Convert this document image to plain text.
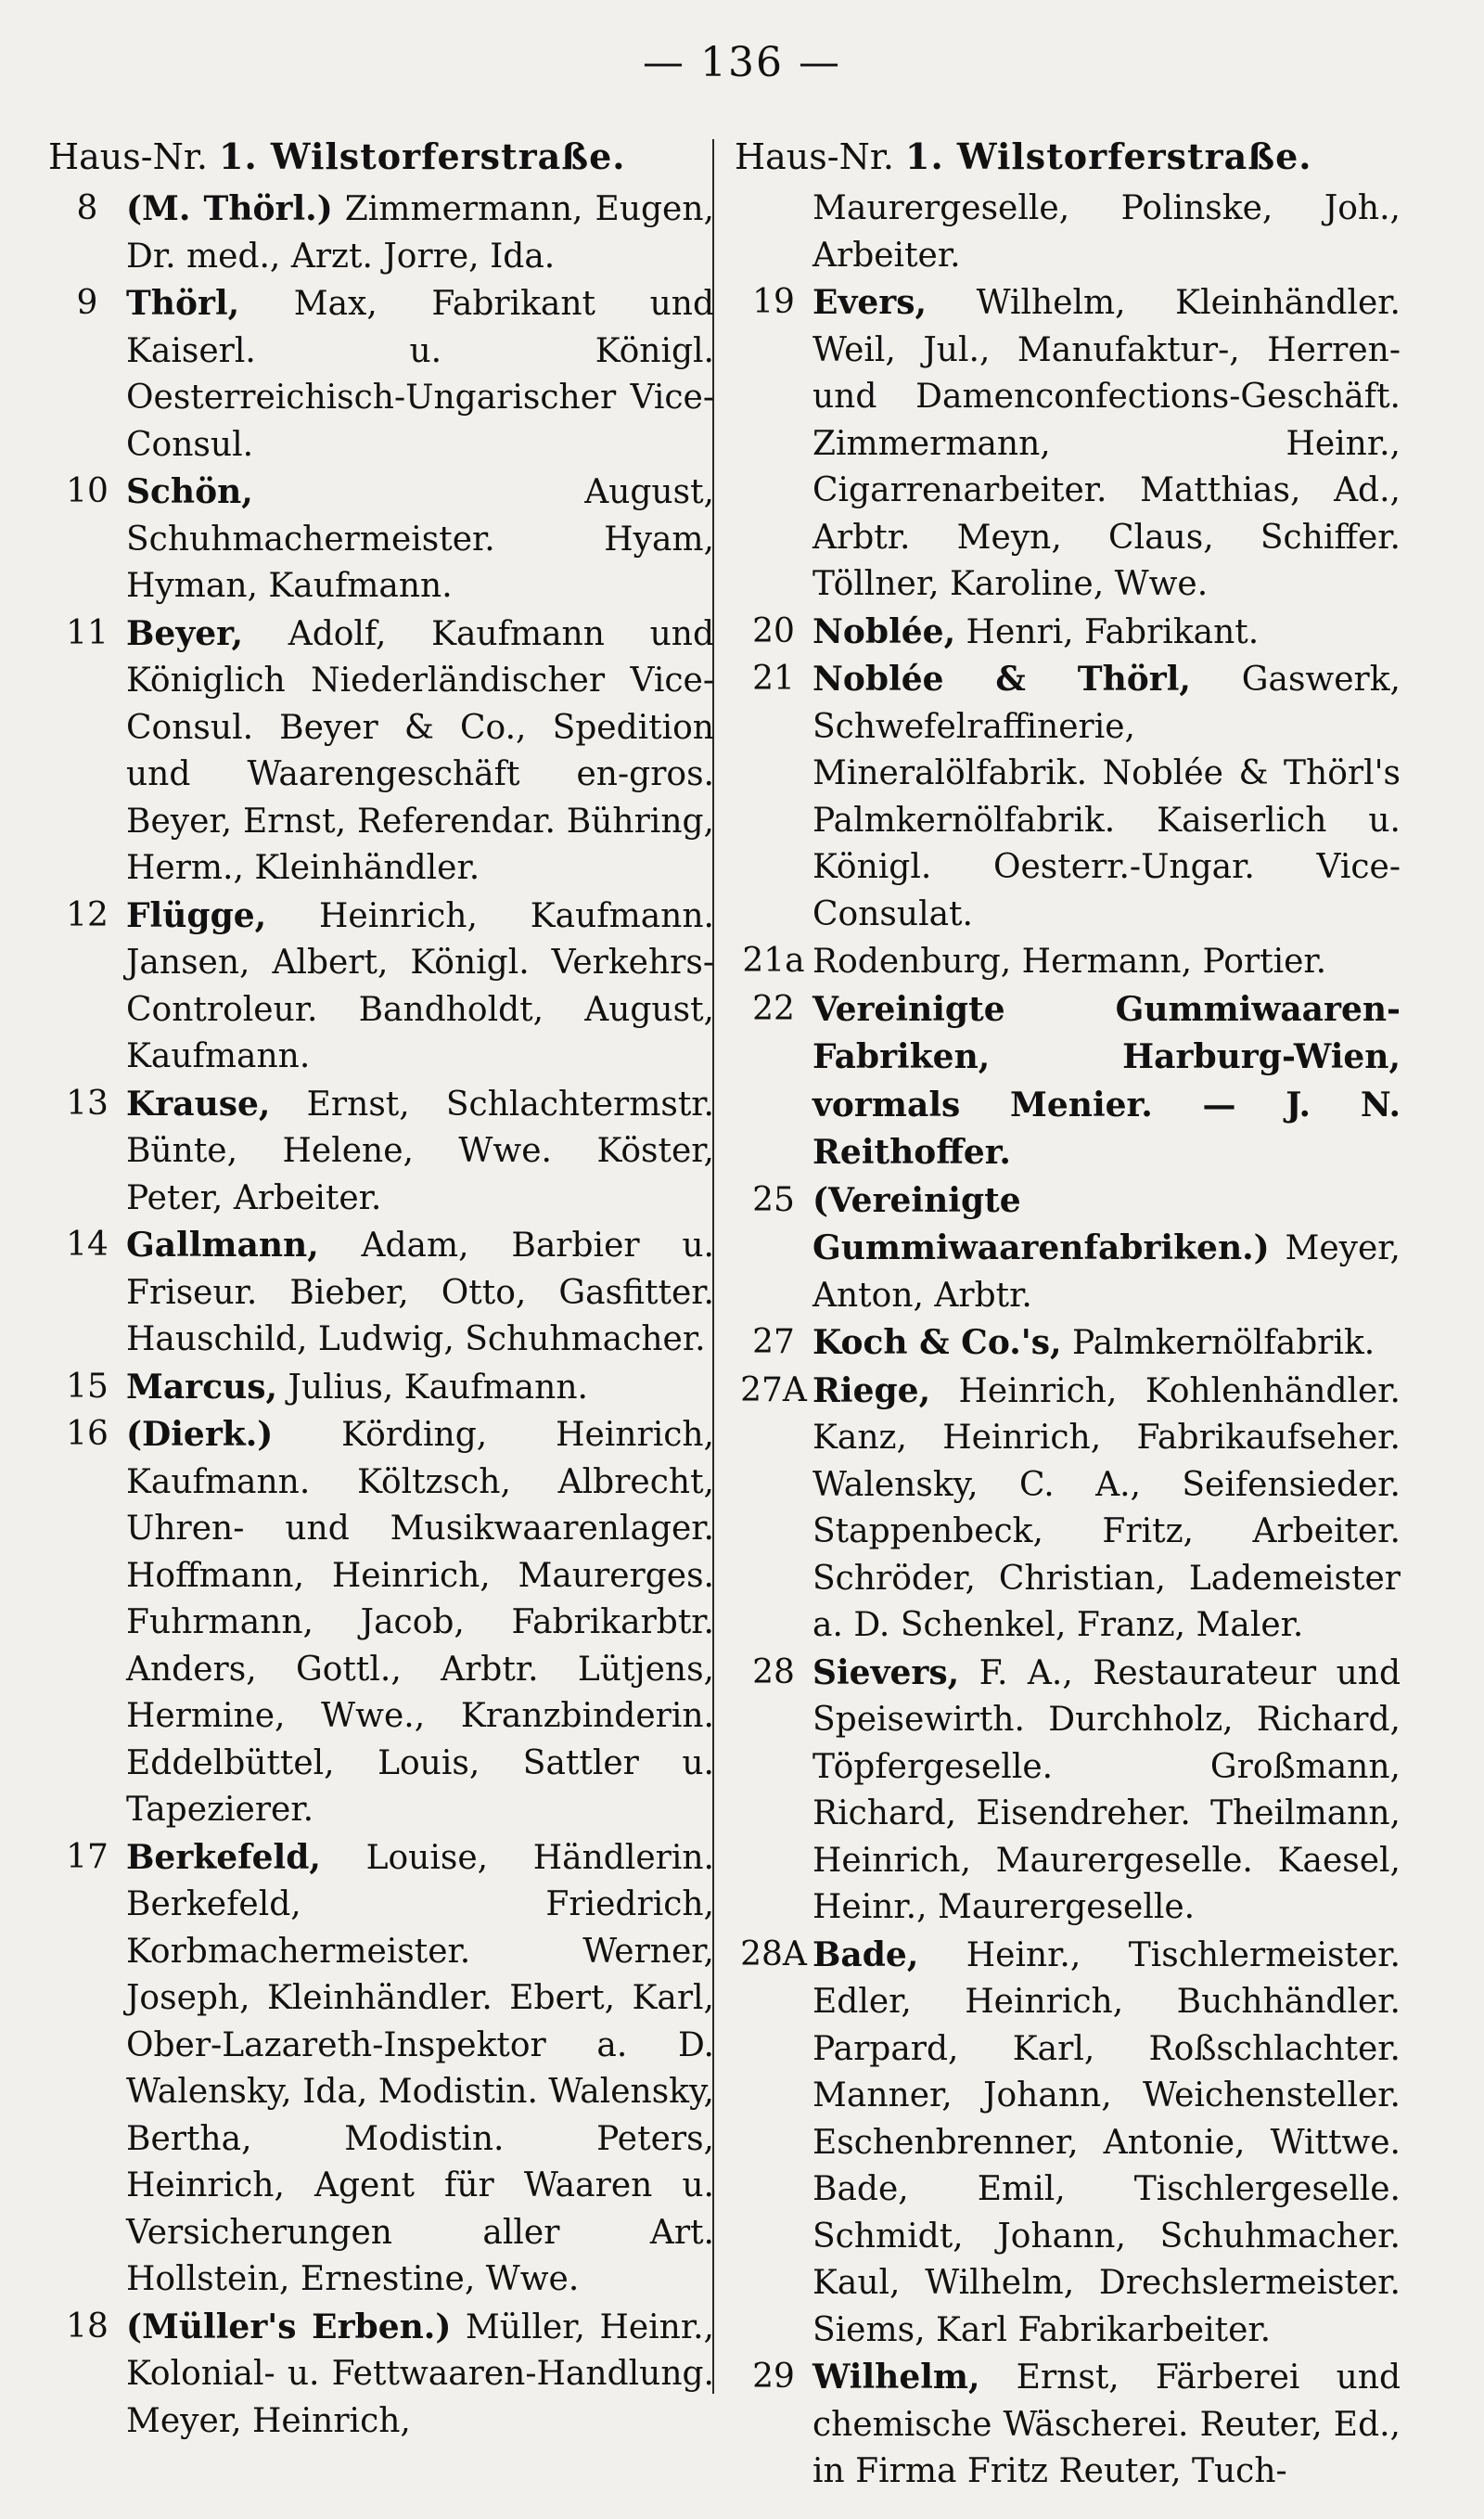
— 136 —
Haus-Nr. 1. Wilstorferstraße.
8 (M. Thörl.) Zimmermann, Eugen, Dr. med., Arzt. Jorre, Ida.
9 Thörl, Max, Fabrikant und Kaiserl. u. Königl. Oesterreichisch-Ungarischer Vice-Consul.
10 Schön, August, Schuhmachermeister. Hyam, Hyman, Kaufmann.
11 Beyer, Adolf, Kaufmann und Königlich Niederländischer Vice-Consul. Beyer & Co., Spedition und Waarengeschäft en-gros. Beyer, Ernst, Referendar. Bühring, Herm., Kleinhändler.
12 Flügge, Heinrich, Kaufmann. Jansen, Albert, Königl. Verkehrs-Controleur. Bandholdt, August, Kaufmann.
13 Krause, Ernst, Schlachtermstr. Bünte, Helene, Wwe. Köster, Peter, Arbeiter.
14 Gallmann, Adam, Barbier u. Friseur. Bieber, Otto, Gasfitter. Hauschild, Ludwig, Schuhmacher.
15 Marcus, Julius, Kaufmann.
16 (Dierk.) Körding, Heinrich, Kaufmann. Költzsch, Albrecht, Uhren- und Musikwaarenlager. Hoffmann, Heinrich, Maurerges. Fuhrmann, Jacob, Fabrikarbtr. Anders, Gottl., Arbtr. Lütjens, Hermine, Wwe., Kranzbinderin. Eddelbüttel, Louis, Sattler u. Tapezierer.
17 Berkefeld, Louise, Händlerin. Berkefeld, Friedrich, Korbmachermeister. Werner, Joseph, Kleinhändler. Ebert, Karl, Ober-Lazareth-Inspektor a. D. Walensky, Ida, Modistin. Walensky, Bertha, Modistin. Peters, Heinrich, Agent für Waaren u. Versicherungen aller Art. Hollstein, Ernestine, Wwe.
18 (Müller's Erben.) Müller, Heinr., Kolonial- u. Fettwaaren-Handlung. Meyer, Heinrich,
Haus-Nr. 1. Wilstorferstraße.
Maurergeselle, Polinske, Joh., Arbeiter.
19 Evers, Wilhelm, Kleinhändler. Weil, Jul., Manufaktur-, Herren- und Damenconfections-Geschäft. Zimmermann, Heinr., Cigarrenarbeiter. Matthias, Ad., Arbtr. Meyn, Claus, Schiffer. Töllner, Karoline, Wwe.
20 Noblée, Henri, Fabrikant.
21 Noblée & Thörl, Gaswerk, Schwefelraffinerie, Mineralölfabrik. Noblée & Thörl's Palmkernölfabrik. Kaiserlich u. Königl. Oesterr.-Ungar. Vice-Consulat.
21a Rodenburg, Hermann, Portier.
22 Vereinigte Gummiwaaren-Fabriken, Harburg-Wien, vormals Menier. — J. N. Reithoffer.
25 (Vereinigte Gummiwaarenfabriken.) Meyer, Anton, Arbtr.
27 Koch & Co.'s, Palmkernölfabrik.
27A Riege, Heinrich, Kohlenhändler. Kanz, Heinrich, Fabrikaufseher. Walensky, C. A., Seifensieder. Stappenbeck, Fritz, Arbeiter. Schröder, Christian, Lademeister a. D. Schenkel, Franz, Maler.
28 Sievers, F. A., Restaurateur und Speisewirth. Durchholz, Richard, Töpfergeselle. Großmann, Richard, Eisendreher. Theilmann, Heinrich, Maurergeselle. Kaesel, Heinr., Maurergeselle.
28A Bade, Heinr., Tischlermeister. Edler, Heinrich, Buchhändler. Parpard, Karl, Roßschlachter. Manner, Johann, Weichensteller. Eschenbrenner, Antonie, Wittwe. Bade, Emil, Tischlergeselle. Schmidt, Johann, Schuhmacher. Kaul, Wilhelm, Drechslermeister. Siems, Karl Fabrikarbeiter.
29 Wilhelm, Ernst, Färberei und chemische Wäscherei. Reuter, Ed., in Firma Fritz Reuter, Tuch-
